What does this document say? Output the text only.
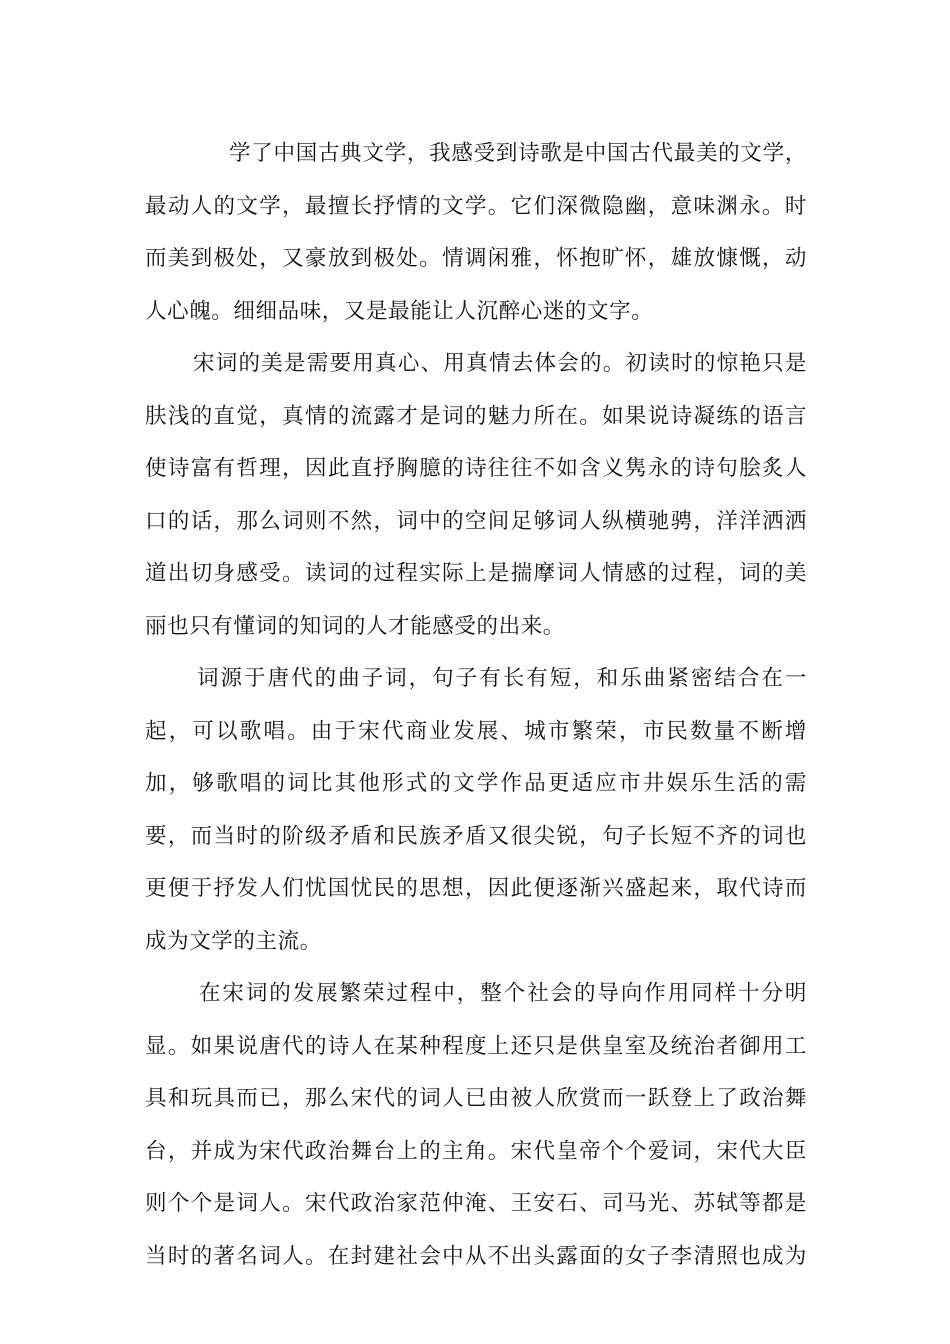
学了中国古典文学，我感受到诗歌是中国古代最美的文学，
最动人的文学，最擅长抒情的文学。它们深微隐幽，意味渊永。时
而美到极处，又豪放到极处。情调闲雅，怀抱旷怀，雄放慷慨，动
人心魄。细细品味，又是最能让人沉醉心迷的文字。
宋词的美是需要用真心、用真情去体会的。初读时的惊艳只是
肤浅的直觉，真情的流露才是词的魅力所在。如果说诗凝练的语言
使诗富有哲理，因此直抒胸臆的诗往往不如含义隽永的诗句脍炙人
口的话，那么词则不然，词中的空间足够词人纵横驰骋，洋洋洒洒
道出切身感受。读词的过程实际上是揣摩词人情感的过程，词的美
丽也只有懂词的知词的人才能感受的出来。
词源于唐代的曲子词，句子有长有短，和乐曲紧密结合在一
起，可以歌唱。由于宋代商业发展、城市繁荣，市民数量不断增
加，够歌唱的词比其他形式的文学作品更适应市井娱乐生活的需
要，而当时的阶级矛盾和民族矛盾又很尖锐，句子长短不齐的词也
更便于抒发人们忧国忧民的思想，因此便逐渐兴盛起来，取代诗而
成为文学的主流。
在宋词的发展繁荣过程中，整个社会的导向作用同样十分明
显。如果说唐代的诗人在某种程度上还只是供皇室及统治者御用工
具和玩具而已，那么宋代的词人已由被人欣赏而一跃登上了政治舞
台，并成为宋代政治舞台上的主角。宋代皇帝个个爱词，宋代大臣
则个个是词人。宋代政治家范仲淹、王安石、司马光、苏轼等都是
当时的著名词人。在封建社会中从不出头露面的女子李清照也成为
